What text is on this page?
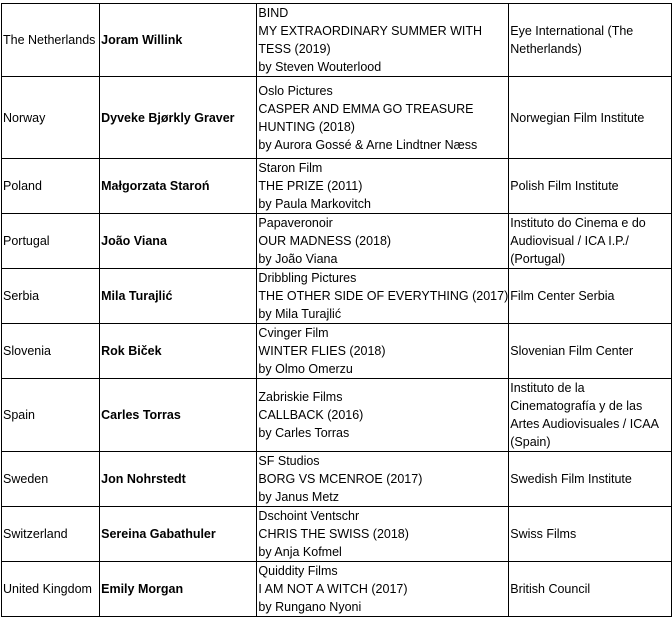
The Netherlands	Joram Willink	BIND
MY EXTRAORDINARY SUMMER WITH
TESS (2019)
by Steven Wouterlood	Eye International (The Netherlands)
Norway	Dyveke Bjørkly Graver	Oslo Pictures
CASPER AND EMMA GO TREASURE
HUNTING (2018)
by Aurora Gossé & Arne Lindtner Næss	Norwegian Film Institute
Poland	Małgorzata Staroń	Staron Film
THE PRIZE (2011)
by Paula Markovitch	Polish Film Institute
Portugal	João Viana	Papaveronoir
OUR MADNESS (2018)
by João Viana	Instituto do Cinema e do Audiovisual / ICA I.P./ (Portugal)
Serbia	Mila Turajlić	Dribbling Pictures
THE OTHER SIDE OF EVERYTHING (2017)
by Mila Turajlić	Film Center Serbia
Slovenia	Rok Biček	Cvinger Film
WINTER FLIES (2018)
by Olmo Omerzu	Slovenian Film Center
Spain	Carles Torras	Zabriskie Films
CALLBACK (2016)
by Carles Torras	Instituto de la Cinematografía y de las Artes Audiovisuales / ICAA (Spain)
Sweden	Jon Nohrstedt	SF Studios
BORG VS MCENROE (2017)
by Janus Metz	Swedish Film Institute
Switzerland	Sereina Gabathuler	Dschoint Ventschr
CHRIS THE SWISS (2018)
by Anja Kofmel	Swiss Films
United Kingdom	Emily Morgan	Quiddity Films
I AM NOT A WITCH (2017)
by Rungano Nyoni	British Council
